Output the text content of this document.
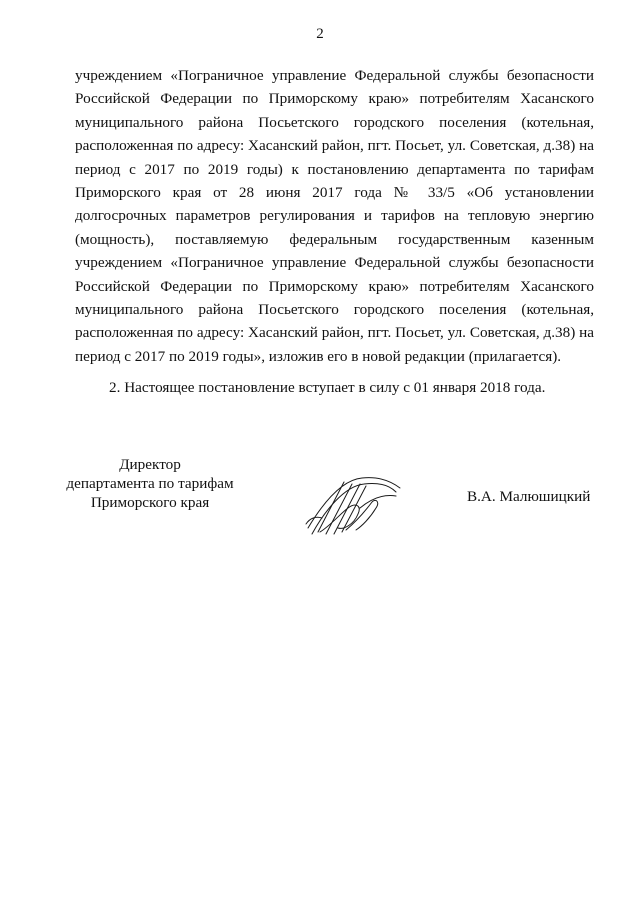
2
учреждением «Пограничное управление Федеральной службы безопасности
Российской Федерации по Приморскому краю» потребителям Хасанского
муниципального района Посьетского городского поселения (котельная,
расположенная по адресу: Хасанский район, пгт. Посьет, ул. Советская, д.38) на
период с 2017 по 2019 годы) к постановлению департамента по тарифам
Приморского края от 28 июня 2017 года № 33/5 «Об установлении
долгосрочных параметров регулирования и тарифов на тепловую энергию
(мощность), поставляемую федеральным государственным казенным
учреждением «Пограничное управление Федеральной службы безопасности
Российской Федерации по Приморскому краю» потребителям Хасанского
муниципального района Посьетского городского поселения (котельная,
расположенная по адресу: Хасанский район, пгт. Посьет, ул. Советская, д.38) на
период с 2017 по 2019 годы», изложив его в новой редакции (прилагается).
2. Настоящее постановление вступает в силу с 01 января 2018 года.
Директор
департамента по тарифам
Приморского края	В.А. Малюшицкий
